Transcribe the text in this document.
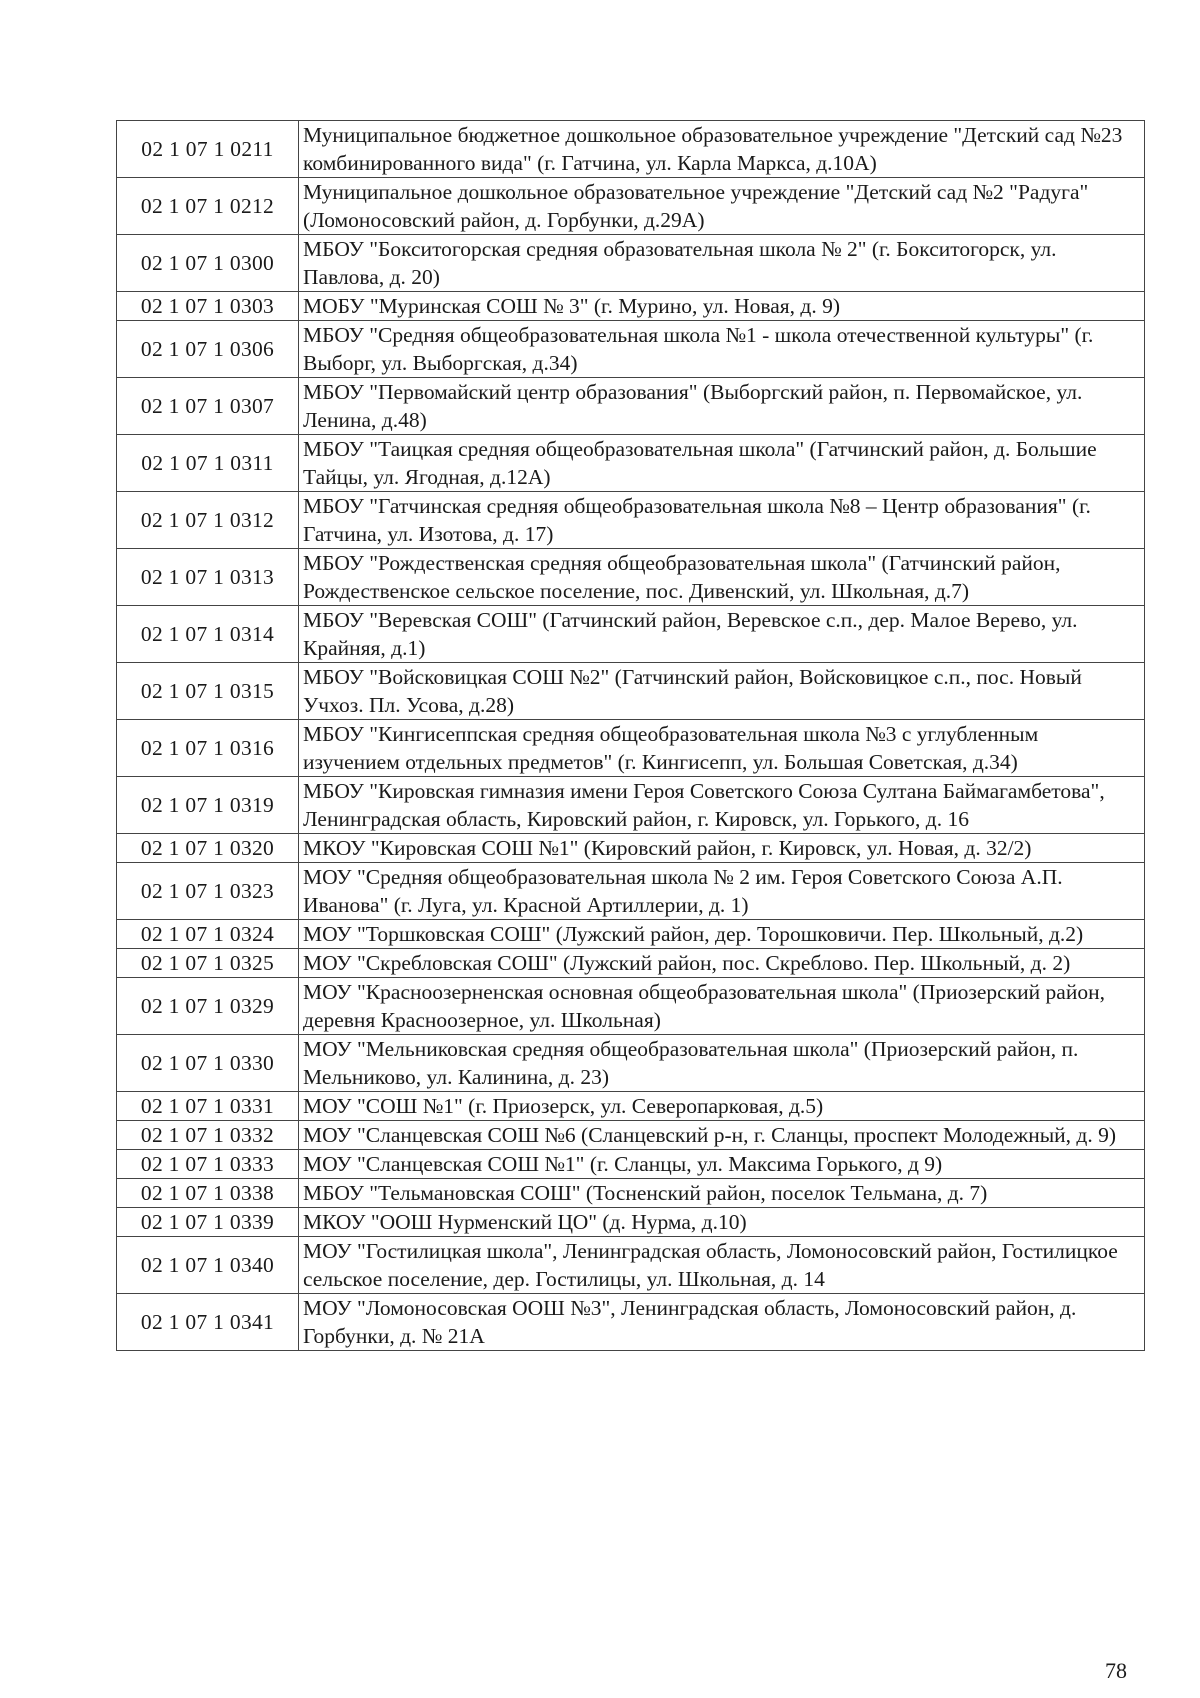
02 1 07 1 0211	Муниципальное бюджетное дошкольное образовательное учреждение "Детский сад №23 комбинированного вида" (г. Гатчина, ул. Карла Маркса, д.10А)
02 1 07 1 0212	Муниципальное дошкольное образовательное учреждение "Детский сад №2 "Радуга" (Ломоносовский район, д. Горбунки, д.29А)
02 1 07 1 0300	МБОУ "Бокситогорская средняя образовательная школа № 2" (г. Бокситогорск, ул. Павлова, д. 20)
02 1 07 1 0303	МОБУ "Муринская СОШ № 3" (г. Мурино, ул. Новая, д. 9)
02 1 07 1 0306	МБОУ "Средняя общеобразовательная школа №1 - школа отечественной культуры" (г. Выборг, ул. Выборгская, д.34)
02 1 07 1 0307	МБОУ "Первомайский центр образования" (Выборгский район, п. Первомайское, ул. Ленина, д.48)
02 1 07 1 0311	МБОУ "Таицкая средняя общеобразовательная школа" (Гатчинский район, д. Большие Тайцы, ул. Ягодная, д.12А)
02 1 07 1 0312	МБОУ "Гатчинская средняя общеобразовательная школа №8 – Центр образования" (г. Гатчина, ул. Изотова, д. 17)
02 1 07 1 0313	МБОУ "Рождественская средняя общеобразовательная школа" (Гатчинский район, Рождественское сельское поселение, пос. Дивенский, ул. Школьная, д.7)
02 1 07 1 0314	МБОУ "Веревская СОШ" (Гатчинский район, Веревское с.п., дер. Малое Верево, ул. Крайняя, д.1)
02 1 07 1 0315	МБОУ "Войсковицкая СОШ №2" (Гатчинский район, Войсковицкое с.п., пос. Новый Учхоз. Пл. Усова, д.28)
02 1 07 1 0316	МБОУ "Кингисеппская средняя общеобразовательная школа №3 с углубленным изучением отдельных предметов" (г. Кингисепп, ул. Большая Советская, д.34)
02 1 07 1 0319	МБОУ "Кировская гимназия имени Героя Советского Союза Султана Баймагамбетова", Ленинградская область, Кировский район, г. Кировск, ул. Горького, д. 16
02 1 07 1 0320	МКОУ "Кировская СОШ №1" (Кировский район, г. Кировск, ул. Новая, д. 32/2)
02 1 07 1 0323	МОУ "Средняя общеобразовательная школа № 2 им. Героя Советского Союза А.П. Иванова" (г. Луга, ул. Красной Артиллерии, д. 1)
02 1 07 1 0324	МОУ "Торшковская СОШ" (Лужский район, дер. Торошковичи. Пер. Школьный, д.2)
02 1 07 1 0325	МОУ "Скребловская СОШ" (Лужский район, пос. Скреблово. Пер. Школьный, д. 2)
02 1 07 1 0329	МОУ "Красноозерненская основная общеобразовательная школа" (Приозерский район, деревня Красноозерное, ул. Школьная)
02 1 07 1 0330	МОУ "Мельниковская средняя общеобразовательная школа" (Приозерский район, п. Мельниково, ул. Калинина, д. 23)
02 1 07 1 0331	МОУ "СОШ №1" (г. Приозерск, ул. Северопарковая, д.5)
02 1 07 1 0332	МОУ "Сланцевская СОШ №6 (Сланцевский р-н, г. Сланцы, проспект Молодежный, д. 9)
02 1 07 1 0333	МОУ "Сланцевская СОШ №1" (г. Сланцы, ул. Максима Горького, д 9)
02 1 07 1 0338	МБОУ "Тельмановская СОШ" (Тосненский район, поселок Тельмана, д. 7)
02 1 07 1 0339	МКОУ "ООШ Нурменский ЦО" (д. Нурма, д.10)
02 1 07 1 0340	МОУ "Гостилицкая школа", Ленинградская область, Ломоносовский район, Гостилицкое сельское поселение, дер. Гостилицы, ул. Школьная, д. 14
02 1 07 1 0341	МОУ "Ломоносовская ООШ №3", Ленинградская область, Ломоносовский район, д. Горбунки, д. № 21А
78
